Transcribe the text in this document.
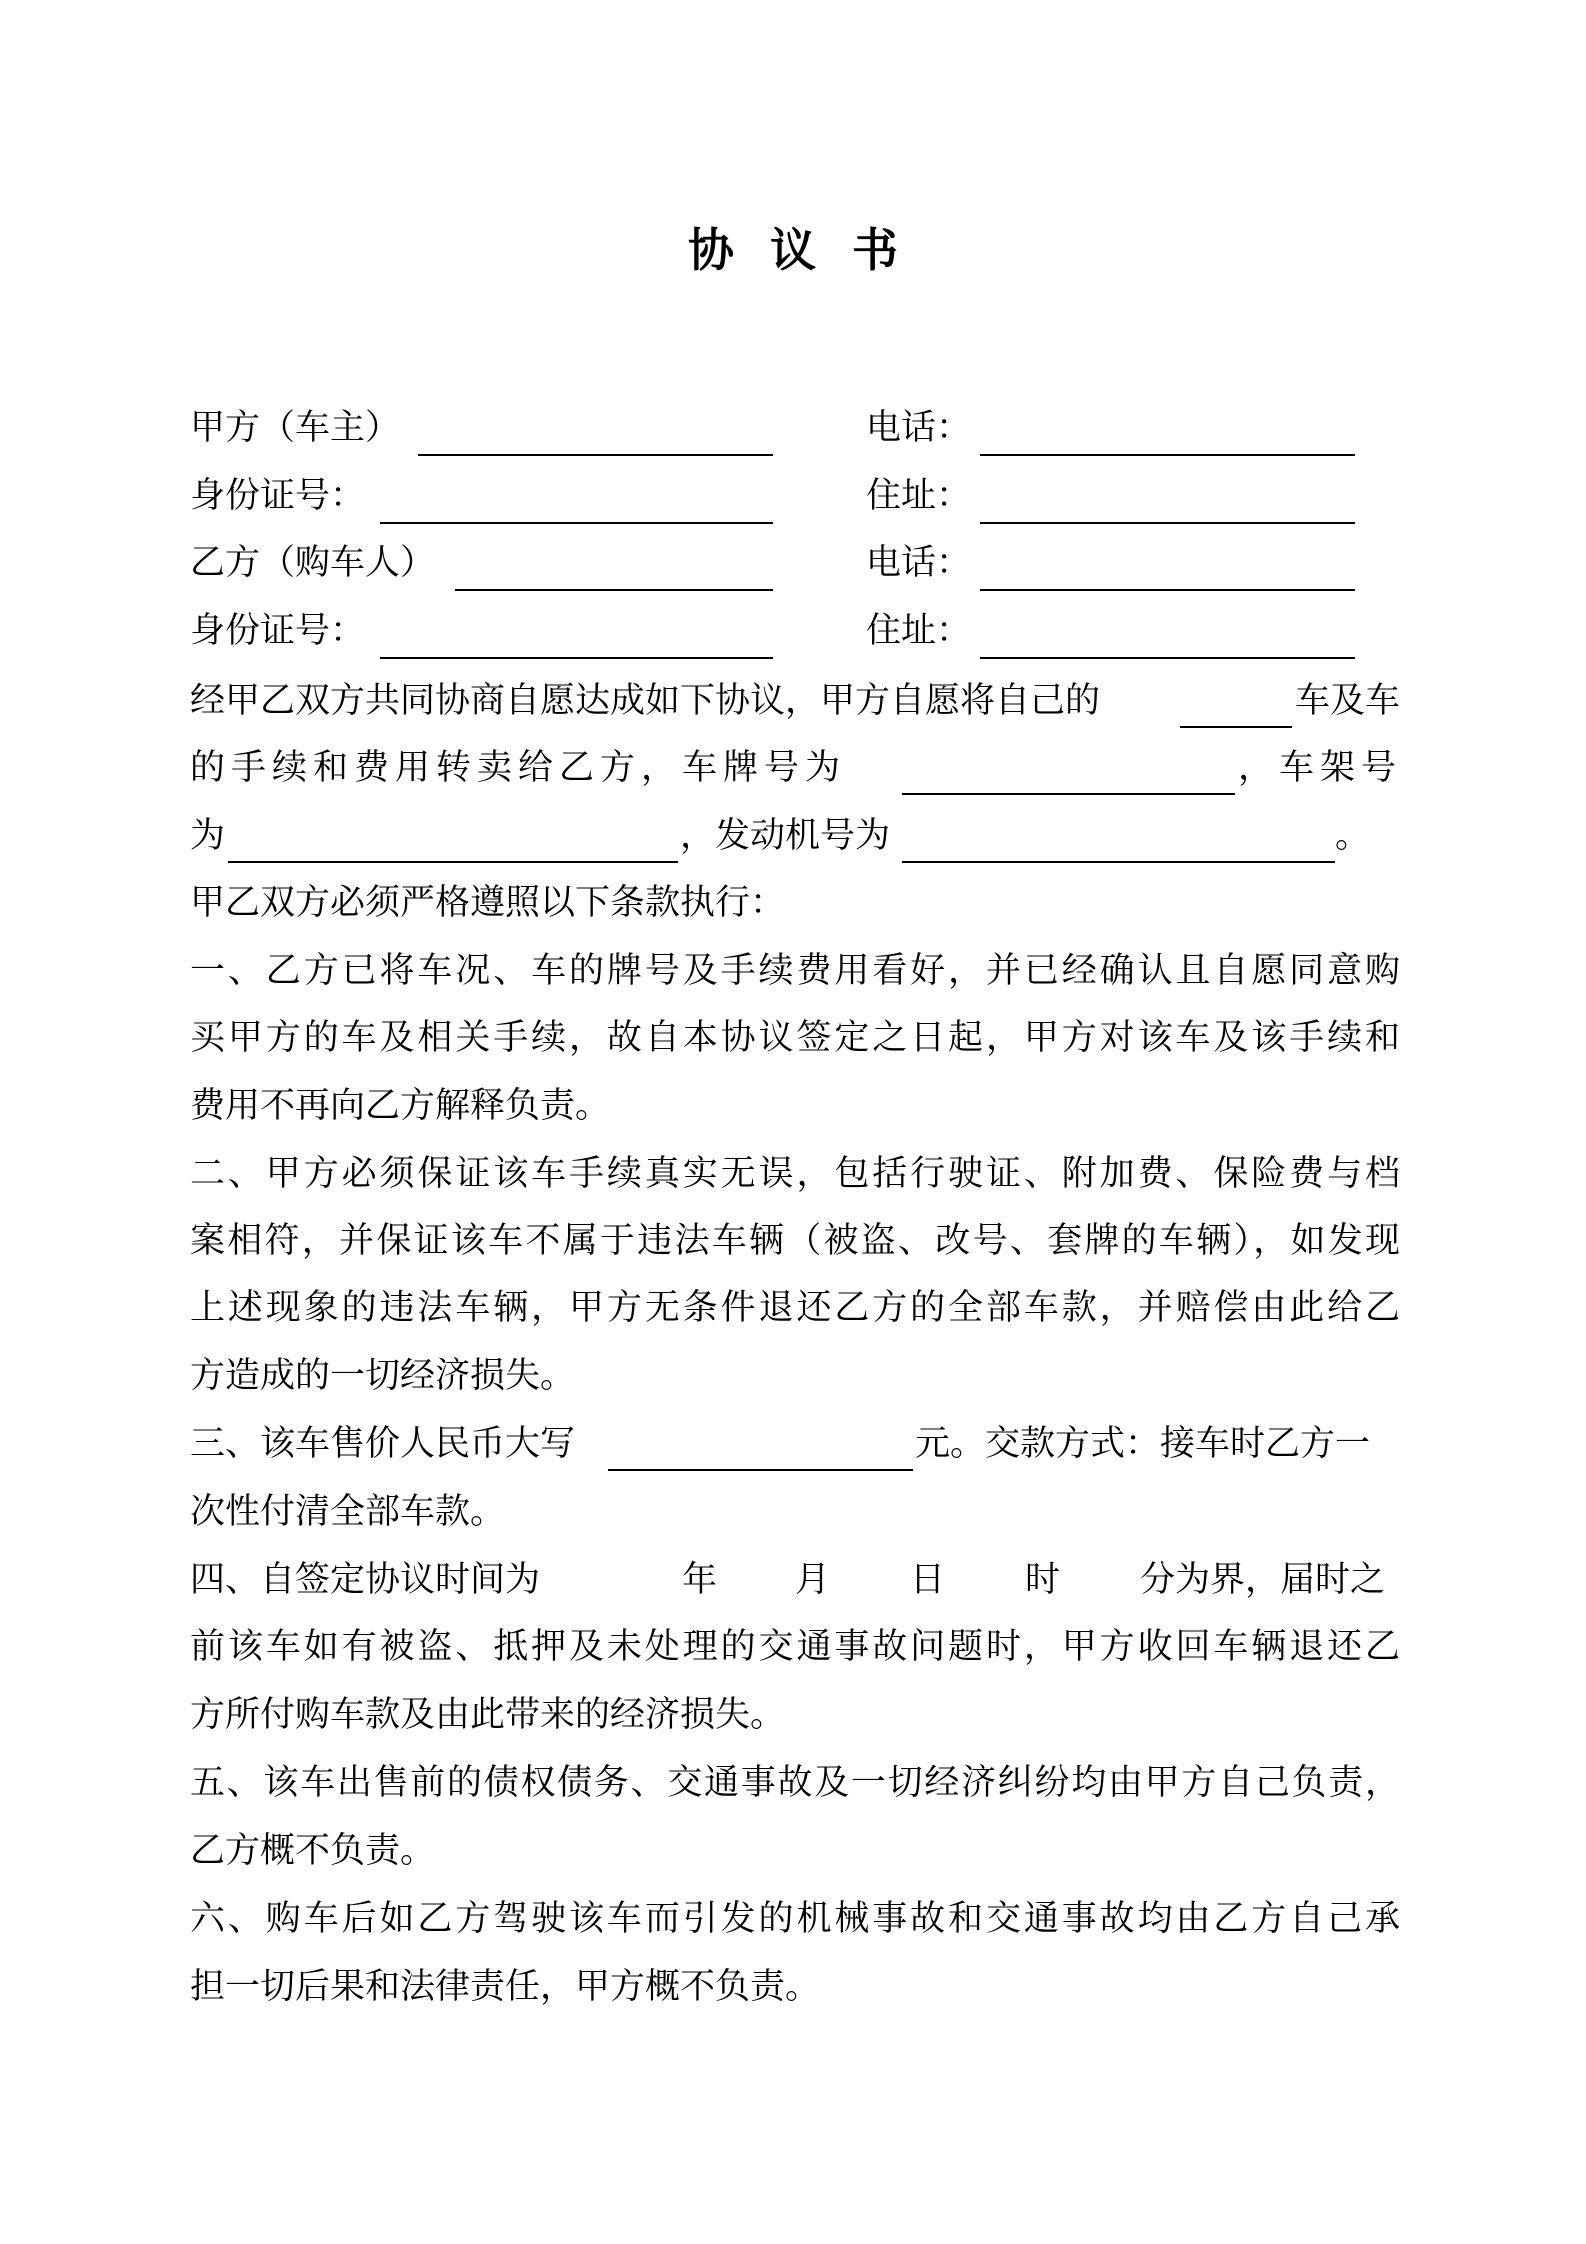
协 议 书
甲方（车主）	电话：
身份证号：	住址：
乙方（购车人）	电话：
身份证号：	住址：
经甲乙双方共同协商自愿达成如下协议，甲方自愿将自己的	车及车
的手续和费用转卖给乙方，车牌号为	，车架号
为	，发动机号为	。
甲乙双方必须严格遵照以下条款执行：
一、乙方已将车况、车的牌号及手续费用看好，并已经确认且自愿同意购
买甲方的车及相关手续，故自本协议签定之日起，甲方对该车及该手续和
费用不再向乙方解释负责。
二、甲方必须保证该车手续真实无误，包括行驶证、附加费、保险费与档
案相符，并保证该车不属于违法车辆（被盗、改号、套牌的车辆），如发现
上述现象的违法车辆，甲方无条件退还乙方的全部车款，并赔偿由此给乙
方造成的一切经济损失。
三、该车售价人民币大写	元。交款方式：接车时乙方一
次性付清全部车款。
四、自签定协议时间为	年 月 日 时 分为界，届时之
前该车如有被盗、抵押及未处理的交通事故问题时，甲方收回车辆退还乙
方所付购车款及由此带来的经济损失。
五、该车出售前的债权债务、交通事故及一切经济纠纷均由甲方自己负责，
乙方概不负责。
六、购车后如乙方驾驶该车而引发的机械事故和交通事故均由乙方自己承
担一切后果和法律责任，甲方概不负责。
